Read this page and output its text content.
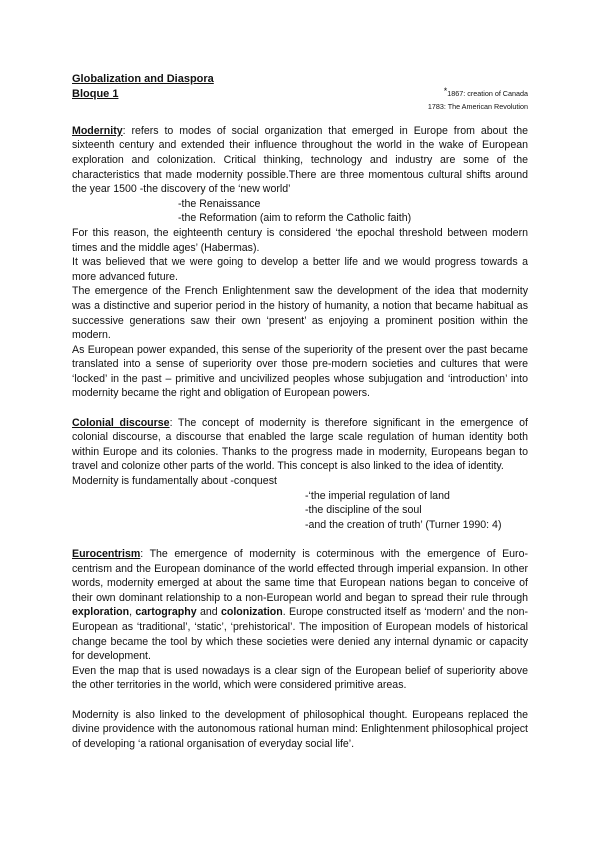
*1867: creation of Canada
1783: The American Revolution
Globalization and Diaspora
Bloque 1

Modernity: refers to modes of social organization that emerged in Europe from about the sixteenth century and extended their influence throughout the world in the wake of European exploration and colonization. Critical thinking, technology and industry are some of the characteristics that made modernity possible.There are three momentous cultural shifts around the year 1500 -the discovery of the ‘new world’

-the Renaissance

-the Reformation (aim to reform the Catholic faith)

For this reason, the eighteenth century is considered ‘the epochal threshold between modern times and the middle ages’ (Habermas).

It was believed that we were going to develop a better life and we would progress towards a more advanced future.

The emergence of the French Enlightenment saw the development of the idea that modernity was a distinctive and superior period in the history of humanity, a notion that became habitual as successive generations saw their own ‘present’ as enjoying a prominent position within the modern.

As European power expanded, this sense of the superiority of the present over the past became translated into a sense of superiority over those pre-modern societies and cultures that were ‘locked’ in the past – primitive and uncivilized peoples whose subjugation and ‘introduction’ into modernity became the right and obligation of European powers.

Colonial discourse: The concept of modernity is therefore significant in the emergence of colonial discourse, a discourse that enabled the large scale regulation of human identity both within Europe and its colonies. Thanks to the progress made in modernity, Europeans began to travel and colonize other parts of the world. This concept is also linked to the idea of identity.

Modernity is fundamentally about -conquest

-‘the imperial regulation of land

-the discipline of the soul

-and the creation of truth’ (Turner 1990: 4)

Eurocentrism: The emergence of modernity is coterminous with the emergence of Euro-centrism and the European dominance of the world effected through imperial expansion. In other words, modernity emerged at about the same time that European nations began to conceive of their own dominant relationship to a non-European world and began to spread their rule through exploration, cartography and colonization. Europe constructed itself as ‘modern’ and the non-European as ‘traditional’, ‘static’, ‘prehistorical’. The imposition of European models of historical change became the tool by which these societies were denied any internal dynamic or capacity for development.

Even the map that is used nowadays is a clear sign of the European belief of superiority above the other territories in the world, which were considered primitive areas.

Modernity is also linked to the development of philosophical thought. Europeans replaced the divine providence with the autonomous rational human mind: Enlightenment philosophical project of developing ‘a rational organisation of everyday social life’.
